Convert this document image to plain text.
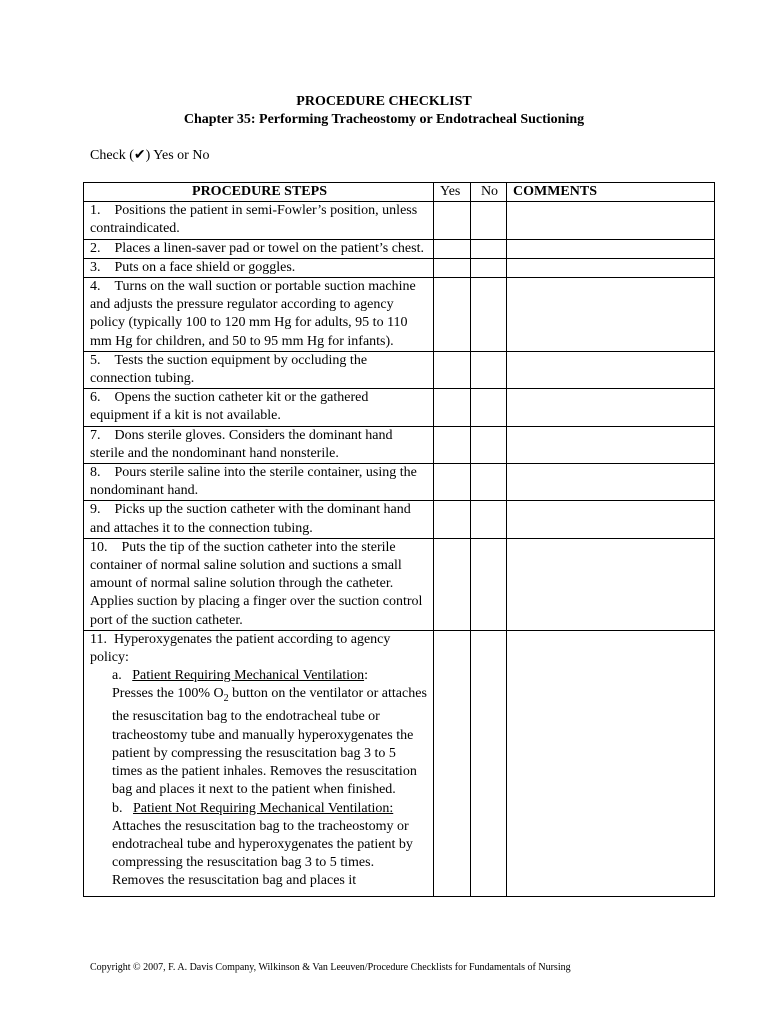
PROCEDURE CHECKLIST
Chapter 35: Performing Tracheostomy or Endotracheal Suctioning
Check (✔) Yes or No
PROCEDURE STEPS	Yes	No	COMMENTS
1. Positions the patient in semi-Fowler’s position, unless contraindicated.			
2. Places a linen-saver pad or towel on the patient’s chest.			
3. Puts on a face shield or goggles.			
4. Turns on the wall suction or portable suction machine and adjusts the pressure regulator according to agency policy (typically 100 to 120 mm Hg for adults, 95 to 110 mm Hg for children, and 50 to 95 mm Hg for infants).			
5. Tests the suction equipment by occluding the connection tubing.			
6. Opens the suction catheter kit or the gathered equipment if a kit is not available.			
7. Dons sterile gloves. Considers the dominant hand sterile and the nondominant hand nonsterile.			
8. Pours sterile saline into the sterile container, using the nondominant hand.			
9. Picks up the suction catheter with the dominant hand and attaches it to the connection tubing.			
10. Puts the tip of the suction catheter into the sterile container of normal saline solution and suctions a small amount of normal saline solution through the catheter. Applies suction by placing a finger over the suction control port of the suction catheter.			

11. Hyperoxygenates the patient according to agency policy:
a. Patient Requiring Mechanical Ventilation:
Presses the 100% $O_2$ button on the ventilator or attaches the resuscitation bag to the endotracheal tube or tracheostomy tube and manually hyperoxygenates the patient by compressing the resuscitation bag 3 to 5 times as the patient inhales. Removes the resuscitation bag and places it next to the patient when finished.
b. Patient Not Requiring Mechanical Ventilation:
Attaches the resuscitation bag to the tracheostomy or endotracheal tube and hyperoxygenates the patient by compressing the resuscitation bag 3 to 5 times. Removes the resuscitation bag and places it			

Copyright © 2007, F. A. Davis Company, Wilkinson & Van Leeuven/Procedure Checklists for Fundamentals of Nursing
